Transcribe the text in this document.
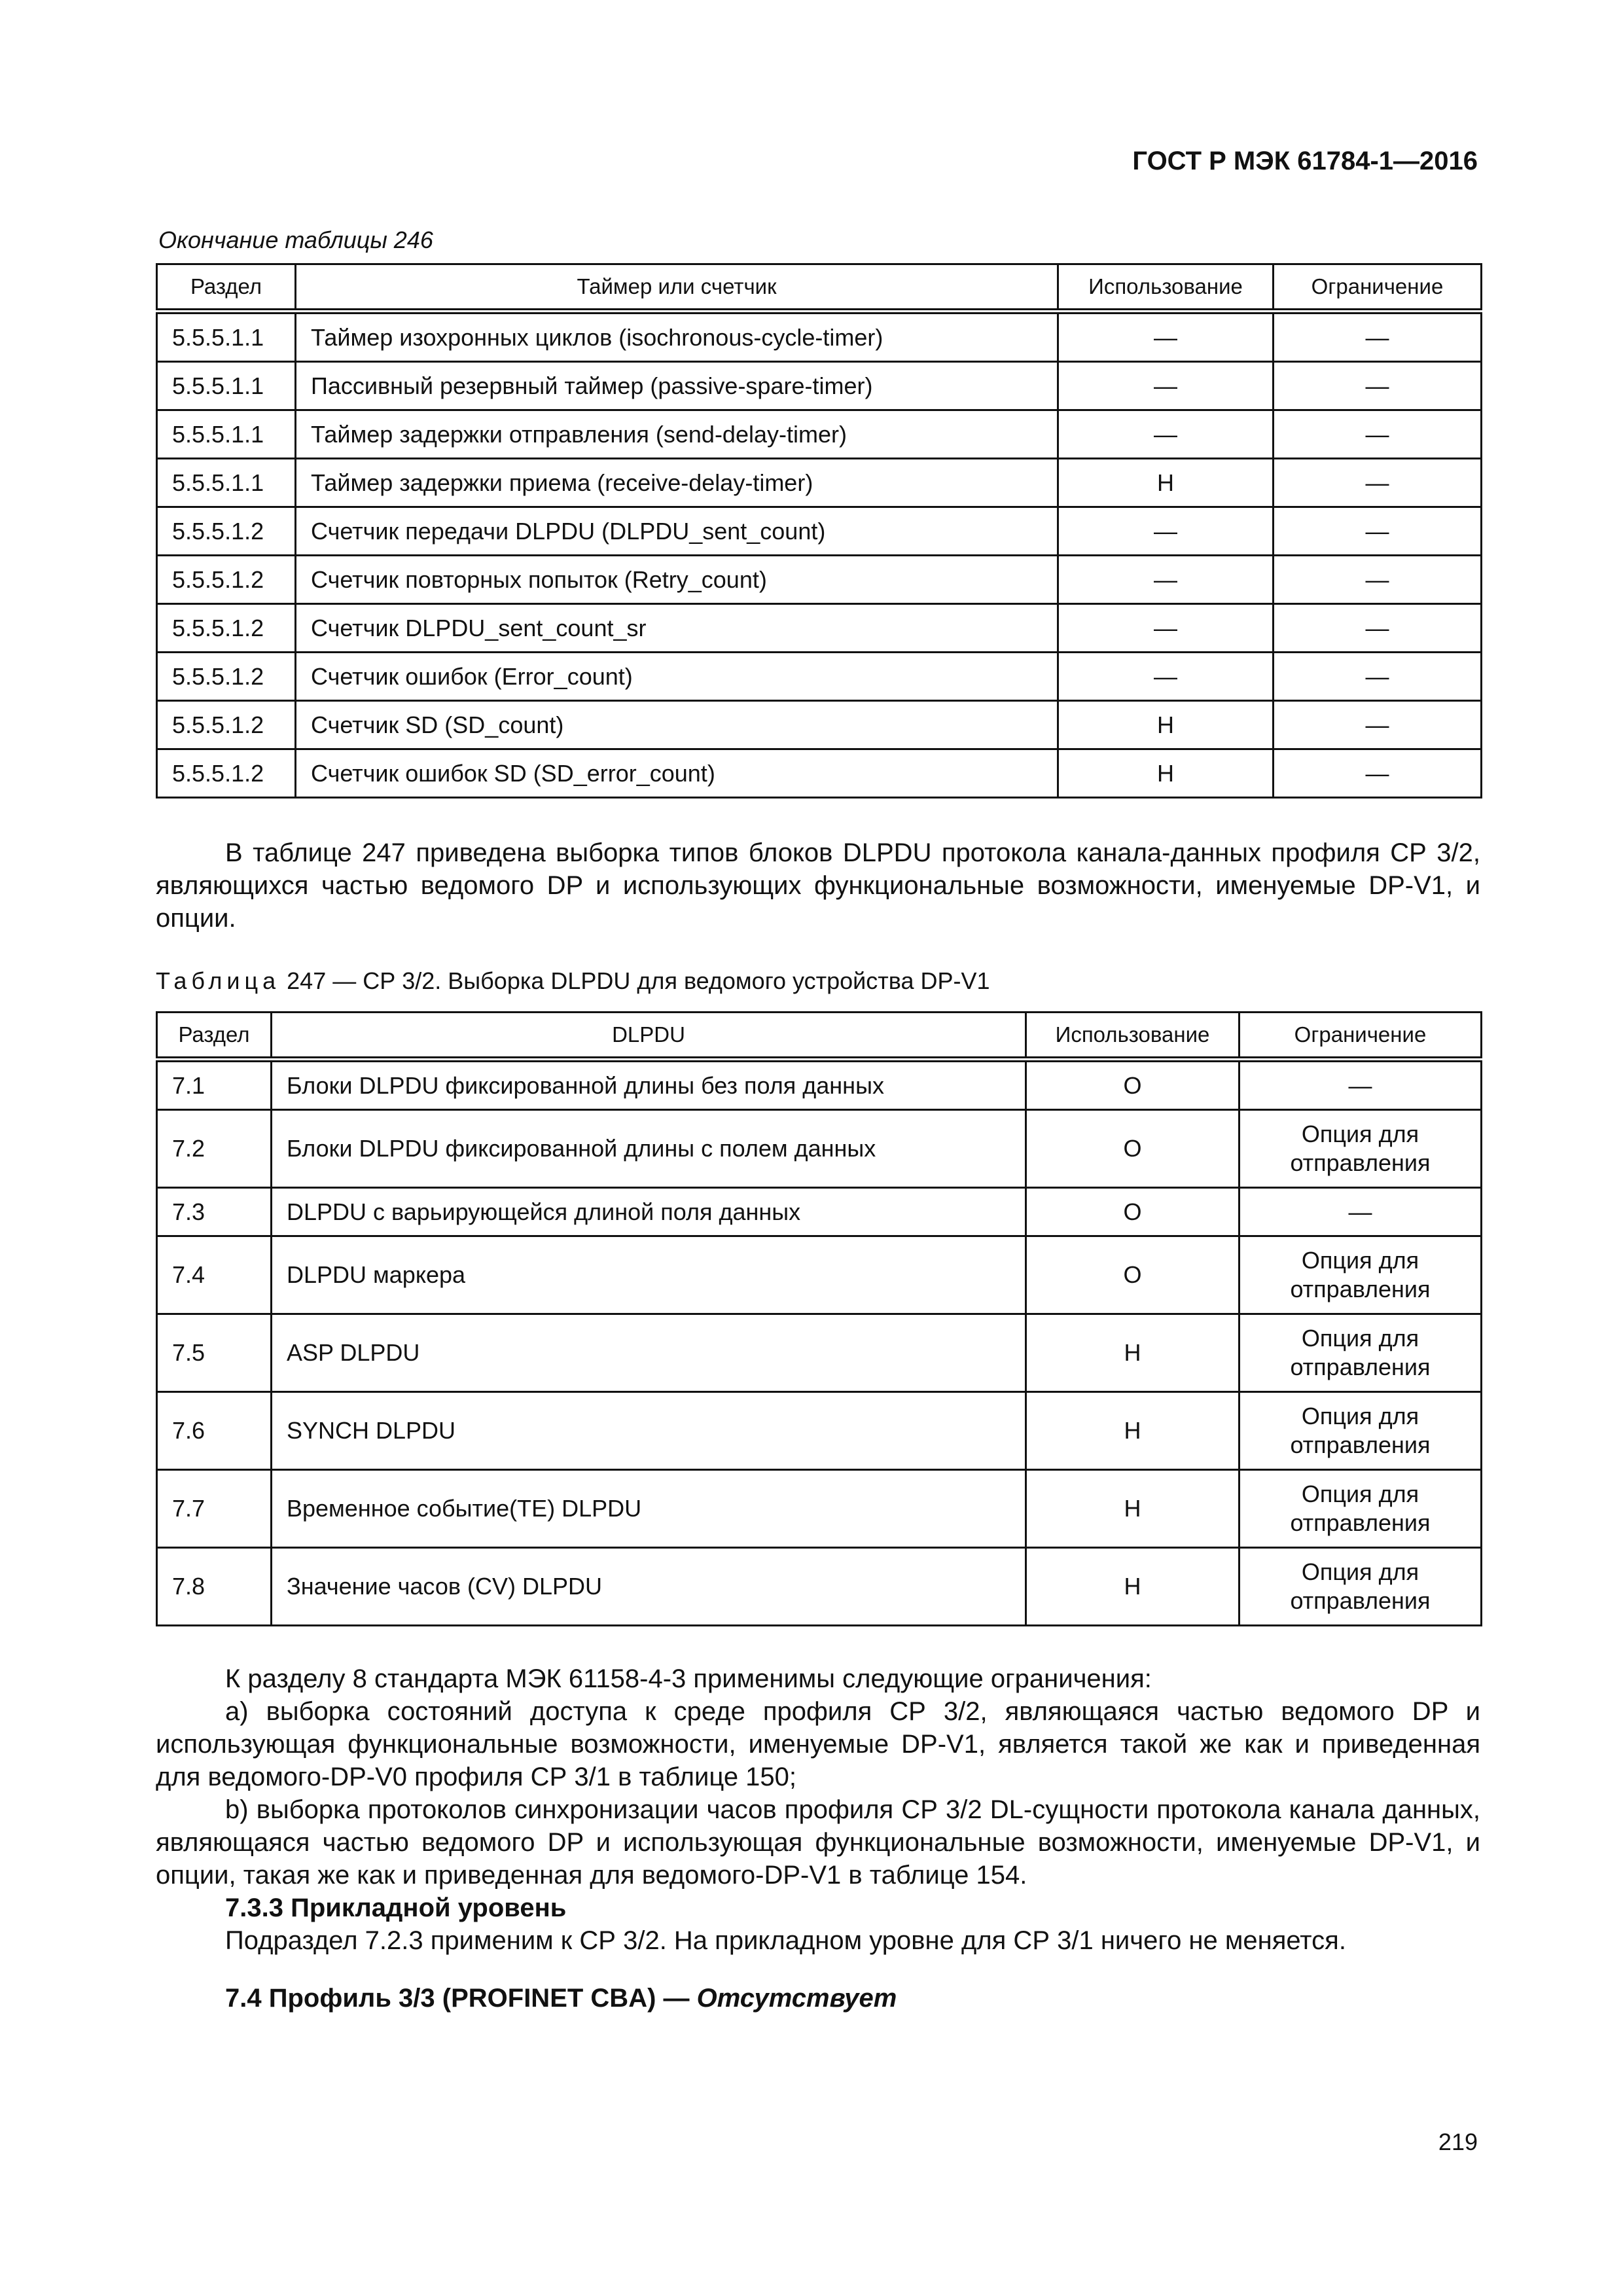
ГОСТ Р МЭК 61784-1—2016
Окончание таблицы 246
Раздел	Таймер или счетчик	Использование	Ограничение
5.5.5.1.1	Таймер изохронных циклов (isochronous-cycle-timer)	—	—
5.5.5.1.1	Пассивный резервный таймер (passive-spare-timer)	—	—
5.5.5.1.1	Таймер задержки отправления (send-delay-timer)	—	—
5.5.5.1.1	Таймер задержки приема (receive-delay-timer)	Н	—
5.5.5.1.2	Счетчик передачи DLPDU (DLPDU_sent_count)	—	—
5.5.5.1.2	Счетчик повторных попыток (Retry_count)	—	—
5.5.5.1.2	Счетчик DLPDU_sent_count_sr	—	—
5.5.5.1.2	Счетчик ошибок (Error_count)	—	—
5.5.5.1.2	Счетчик SD (SD_count)	Н	—
5.5.5.1.2	Счетчик ошибок SD (SD_error_count)	Н	—
В таблице 247 приведена выборка типов блоков DLPDU протокола канала-данных профиля СР 3/2, являющихся частью ведомого DP и использующих функциональные возможности, именуемые DP-V1, и опции.
Таблица 247 — СР 3/2. Выборка DLPDU для ведомого устройства DP-V1
Раздел	DLPDU	Использование	Ограничение
7.1	Блоки DLPDU фиксированной длины без поля данных	О	—
7.2	Блоки DLPDU фиксированной длины с полем данных	О	Опция для отправления
7.3	DLPDU с варьирующейся длиной поля данных	О	—
7.4	DLPDU маркера	О	Опция для отправления
7.5	ASP DLPDU	Н	Опция для отправления
7.6	SYNCH DLPDU	Н	Опция для отправления
7.7	Временное событие(TE) DLPDU	Н	Опция для отправления
7.8	Значение часов (CV) DLPDU	Н	Опция для отправления
К разделу 8 стандарта МЭК 61158-4-3 применимы следующие ограничения:
а) выборка состояний доступа к среде профиля СР 3/2, являющаяся частью ведомого DP и использующая функциональные возможности, именуемые DP-V1, является такой же как и приведенная для ведомого-DP-V0 профиля СР 3/1 в таблице 150;
b) выборка протоколов синхронизации часов профиля СР 3/2 DL-сущности протокола канала данных, являющаяся частью ведомого DP и использующая функциональные возможности, именуемые DP-V1, и опции, такая же как и приведенная для ведомого-DP-V1 в таблице 154.
7.3.3 Прикладной уровень
Подраздел 7.2.3 применим к СР 3/2. На прикладном уровне для СР 3/1 ничего не меняется.
7.4 Профиль 3/3 (PROFINET CBA) — Отсутствует
219
